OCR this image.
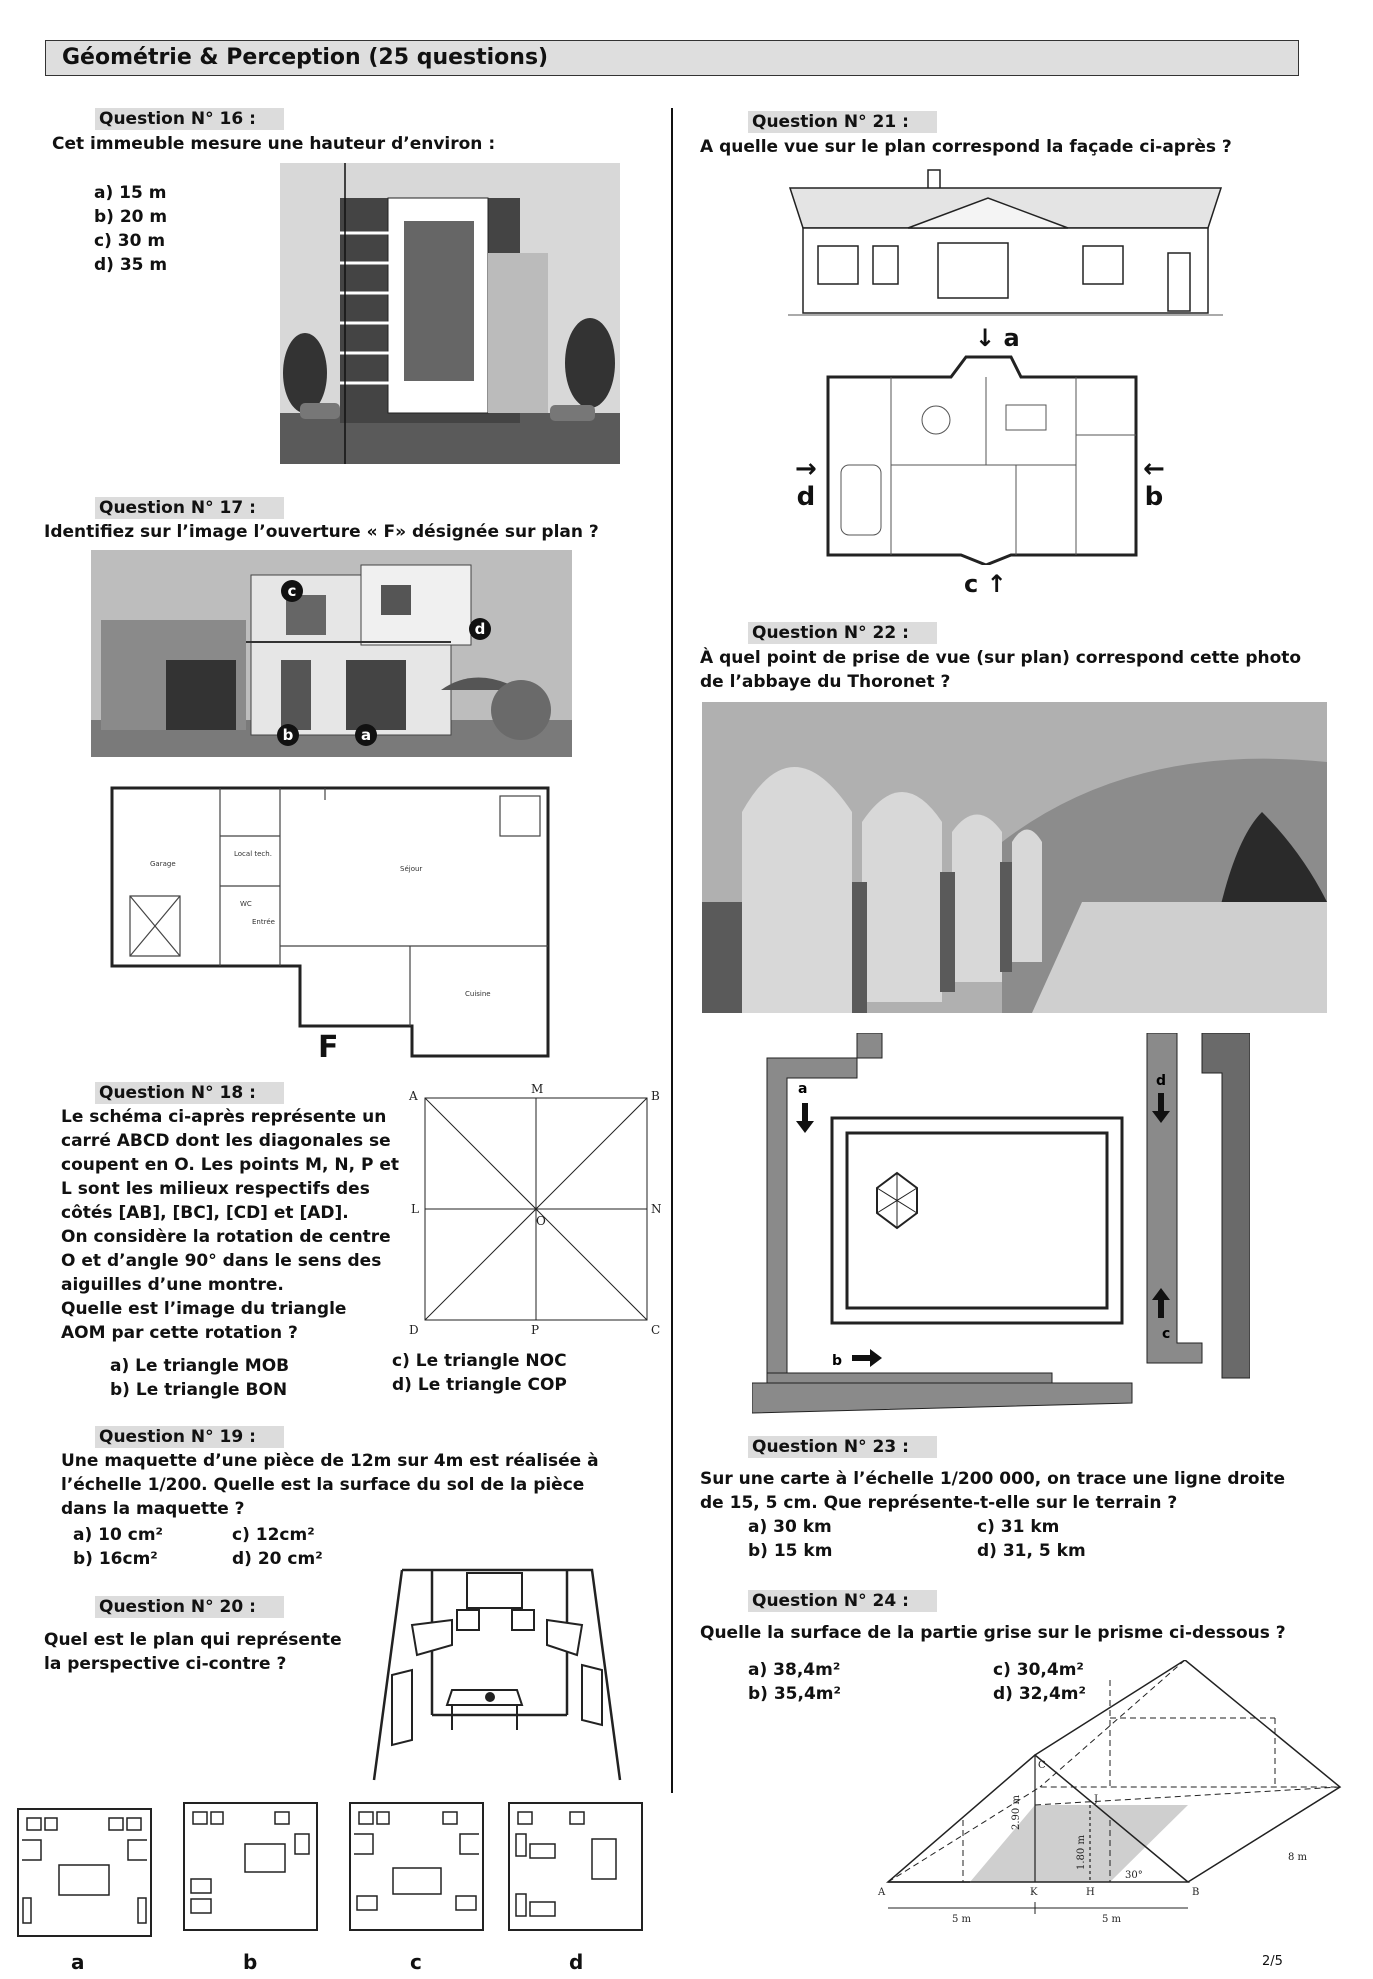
Géométrie & Perception (25 questions)
Question N° 16 :
Cet immeuble mesure une hauteur d’environ :
a) 15 m
b) 20 m
c) 30 m
d) 35 m
Question N° 17 :
Identifiez sur l’image l’ouverture « F» désignée sur plan ?
c
d
b	a
Garage
Local tech.
Séjour
WC
Entrée
Cuisine
F
Question N° 18 :
Le schéma ci-après représente un
carré ABCD dont les diagonales se
coupent en O. Les points M, N, P et
L sont les milieux respectifs des
côtés [AB], [BC], [CD] et [AD].
On considère la rotation de centre
O et d’angle 90° dans le sens des
aiguilles d’une montre.
Quelle est l’image du triangle
AOM par cette rotation ?
a) Le triangle MOB
b) Le triangle BON
c) Le triangle NOC
d) Le triangle COP
A	M	B
L
O
N
D	P	C
Question N° 19 :
Une maquette d’une pièce de 12m sur 4m est réalisée à
l’échelle 1/200. Quelle est la surface du sol de la pièce
dans la maquette ?
a) 10 cm²	c) 12cm²
b) 16cm²	d) 20 cm²
Question N° 20 :
Quel est le plan qui représente
la perspective ci-contre ?
a	b	c	d
Question N° 21 :
A quelle vue sur le plan correspond la façade ci-après ?
↓ a
→
d
←
b
c ↑
Question N° 22 :
À quel point de prise de vue (sur plan) correspond cette photo
de l’abbaye du Thoronet ?
a	d
c
b
Question N° 23 :
Sur une carte à l’échelle 1/200 000, on trace une ligne droite
de 15, 5 cm. Que représente-t-elle sur le terrain ?
a) 30 km	c) 31 km
b) 15 km	d) 31, 5 km
Question N° 24 :
Quelle la surface de la partie grise sur le prisme ci-dessous ?
a) 38,4m²	c) 30,4m²
b) 35,4m²	d) 32,4m²
2.90 m
1.80 m
30°
8 m
A	K	H	B
C
J
5 m	5 m
2/5
